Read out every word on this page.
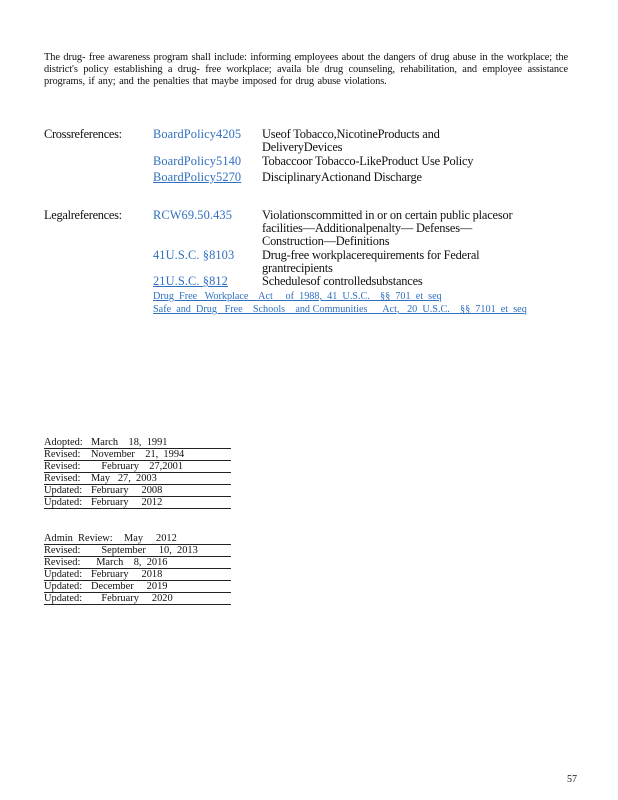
The drug- free awareness program shall include: informing employees about the dangers of drug abuse in the workplace; the district's policy establishing a drug- free workplace; availa ble drug counseling, rehabilitation, and employee assistance programs, if any; and the penalties that maybe imposed for drug abuse violations.
Crossreferences:	BoardPolicy4205 Useof Tobacco,NicotineProducts and DeliveryDevices
BoardPolicy5140 Tobaccoor Tobacco-LikeProduct Use Policy
BoardPolicy5270 DisciplinaryActionand Discharge
Legalreferences:	RCW69.50.435 Violationscommitted in or on certain public placesor facilities—Additionalpenalty— Defenses—Construction—Definitions
41U.S.C. §8103 Drug-free workplacerequirements for Federal grantrecipients
21U.S.C. §812	Schedulesof controlledsubstances
Drug  Free   Workplace    Act     of  1988,  41  U.S.C.    §§  701  et  seq
Safe  and  Drug   Free    Schools    and Communities      Act,   20  U.S.C.    §§  7101  et  seq
Adopted: March    18,  1991
Revised: November    21,  1994
Revised:    February    27,2001
Revised: May   27,  2003
Updated: February     2008
Updated: February     2012
Admin  Review: May     2012
Revised:    September     10,  2013
Revised:  March    8,  2016
Updated: February     2018
Updated: December     2019
Updated:    February     2020
57
